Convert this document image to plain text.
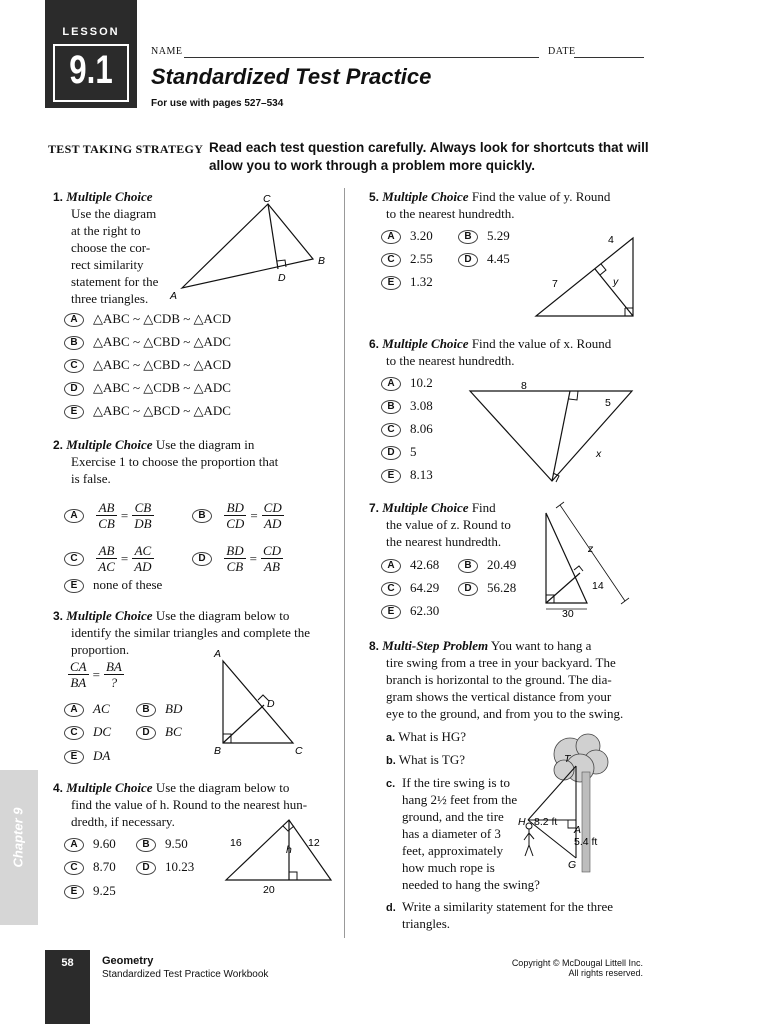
LESSON
9.1	NAME	DATE
Standardized Test Practice
For use with pages 527–534
TEST TAKING STRATEGY Read each test question carefully. Always look for shortcuts that will allow you to work through a problem more quickly.
1. Multiple Choice
Use the diagram
at the right to
choose the cor-
rect similarity
statement for the
three triangles.
C
B
D
A
A △ABC ~ △CDB ~ △ACD
B △ABC ~ △CBD ~ △ADC
C △ABC ~ △CBD ~ △ACD
D △ABC ~ △CDB ~ △ADC
E △ABC ~ △BCD ~ △ADC
2. Multiple Choice Use the diagram in
Exercise 1 to choose the proportion that
is false.
A $\frac{AB}{CB} = \frac{CB}{DB}$	B $\frac{BD}{CD} = \frac{CD}{AD}$
C $\frac{AB}{AC} = \frac{AC}{AD}$	D $\frac{BD}{CB} = \frac{CD}{AB}$
E none of these
3. Multiple Choice Use the diagram below to
identify the similar triangles and complete the
proportion.
$\frac{CA}{BA} = \frac{BA}{?}$
A
D
B	C
A AC	B BD
C DC	D BC
E DA
4. Multiple Choice Use the diagram below to
find the value of h. Round to the nearest hun-
dredth, if necessary.
16	12
h
20
A 9.60	B 9.50
C 8.70	D 10.23
E 9.25
5. Multiple Choice Find the value of y. Round
to the nearest hundredth.
A 3.20	B 5.29
C 2.55	D 4.45
E 1.32
4
7	y
6. Multiple Choice Find the value of x. Round
to the nearest hundredth.
A 10.2
B 3.08
C 8.06
D 5
E 8.13
8
5
x
7. Multiple Choice Find
the value of z. Round to
the nearest hundredth.
A 42.68	B 20.49
C 64.29	D 56.28
E 62.30
z
14
30
8. Multi-Step Problem You want to hang a
tire swing from a tree in your backyard. The
branch is horizontal to the ground. The dia-
gram shows the vertical distance from your
eye to the ground, and from you to the swing.
a. What is HG?
b. What is TG?
c. If the tire swing is to
hang 2½ feet from the
ground, and the tire
has a diameter of 3
feet, approximately
how much rope is
needed to hang the swing?
d. Write a similarity statement for the three
triangles.
T
H
A
G
8.2 ft
5.4 ft
Chapter 9
58	Geometry
Standardized Test Practice Workbook
Copyright © McDougal Littell Inc.
All rights reserved.
